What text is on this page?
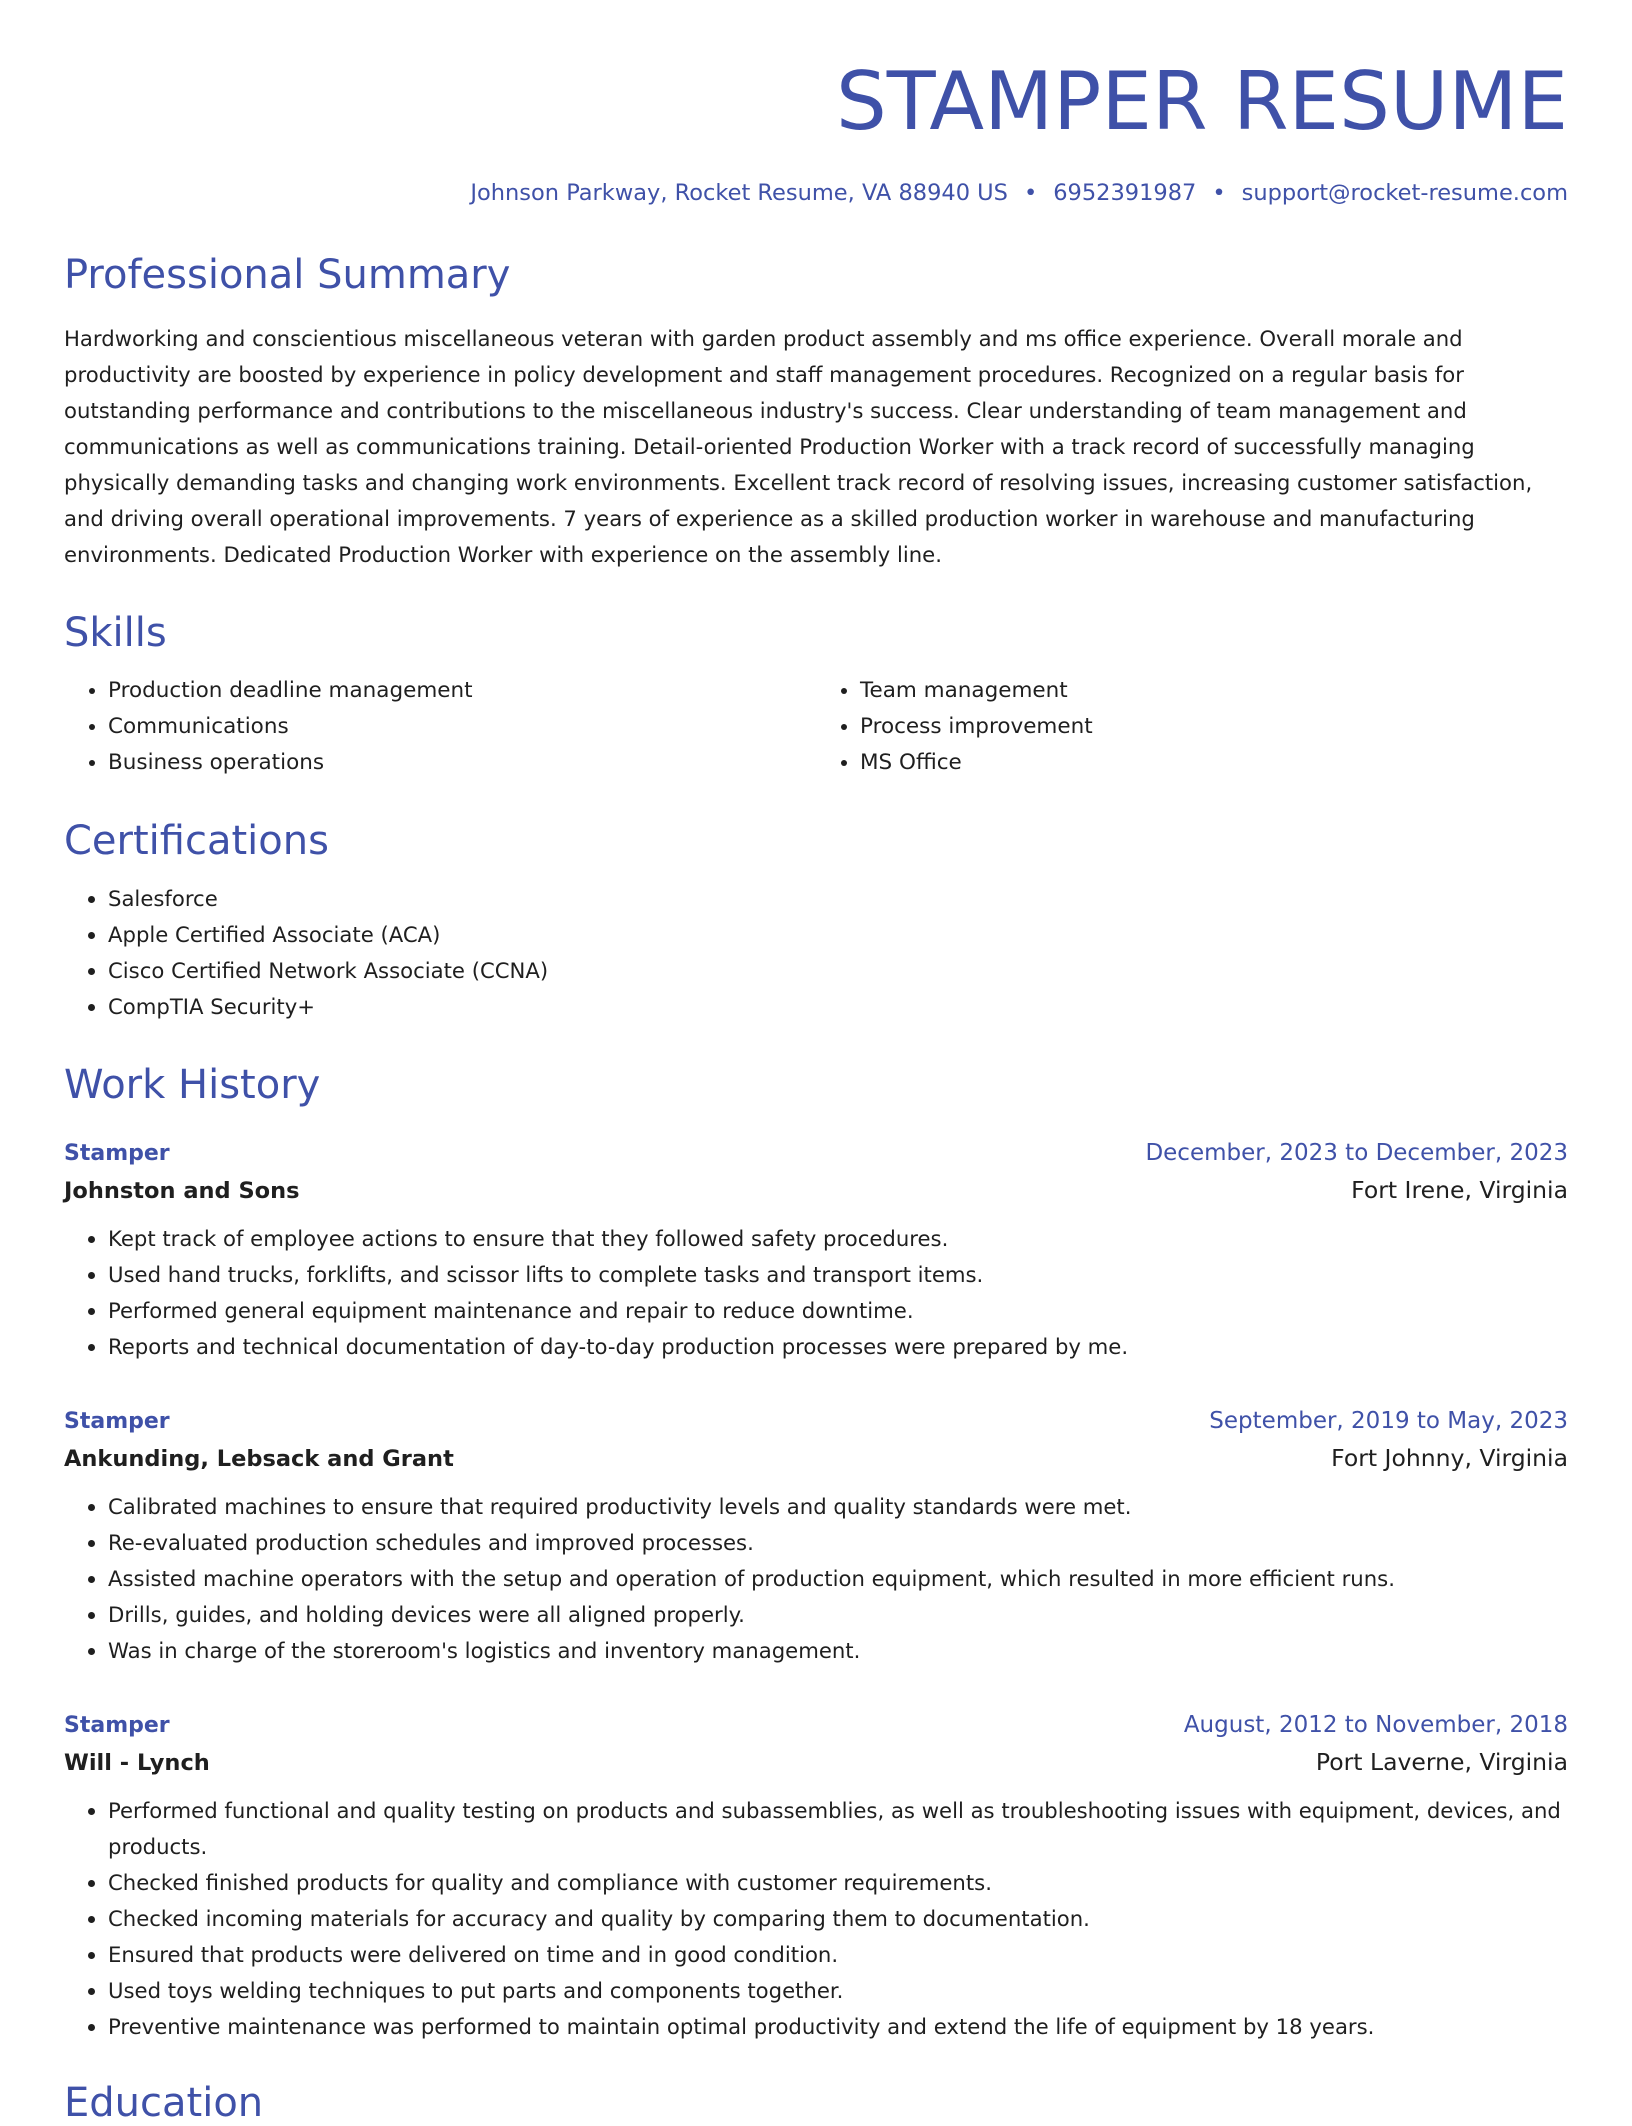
STAMPER RESUME
Johnson Parkway, Rocket Resume, VA 88940 US • 6952391987 • support@rocket-resume.com
Professional Summary

Hardworking and conscientious miscellaneous veteran with garden product assembly and ms office experience. Overall morale and productivity are boosted by experience in policy development and staff management procedures. Recognized on a regular basis for outstanding performance and contributions to the miscellaneous industry's success. Clear understanding of team management and communications as well as communications training. Detail-oriented Production Worker with a track record of successfully managing physically demanding tasks and changing work environments. Excellent track record of resolving issues, increasing customer satisfaction, and driving overall operational improvements. 7 years of experience as a skilled production worker in warehouse and manufacturing environments. Dedicated Production Worker with experience on the assembly line.

Skills
• Production deadline management
• Communications
• Business operations
• Team management
• Process improvement
• MS Office
Certifications
• Salesforce
• Apple Certified Associate (ACA)
• Cisco Certified Network Associate (CCNA)
• CompTIA Security+
Work History
Stamper	December, 2023 to December, 2023
Johnston and Sons	Fort Irene, Virginia
• Kept track of employee actions to ensure that they followed safety procedures.
• Used hand trucks, forklifts, and scissor lifts to complete tasks and transport items.
• Performed general equipment maintenance and repair to reduce downtime.
• Reports and technical documentation of day-to-day production processes were prepared by me.
Stamper	September, 2019 to May, 2023
Ankunding, Lebsack and Grant	Fort Johnny, Virginia
• Calibrated machines to ensure that required productivity levels and quality standards were met.
• Re-evaluated production schedules and improved processes.
• Assisted machine operators with the setup and operation of production equipment, which resulted in more efficient runs.
• Drills, guides, and holding devices were all aligned properly.
• Was in charge of the storeroom's logistics and inventory management.
Stamper	August, 2012 to November, 2018
Will - Lynch	Port Laverne, Virginia
• Performed functional and quality testing on products and subassemblies, as well as troubleshooting issues with equipment, devices, and products.
• Checked finished products for quality and compliance with customer requirements.
• Checked incoming materials for accuracy and quality by comparing them to documentation.
• Ensured that products were delivered on time and in good condition.
• Used toys welding techniques to put parts and components together.
• Preventive maintenance was performed to maintain optimal productivity and extend the life of equipment by 18 years.
Education
